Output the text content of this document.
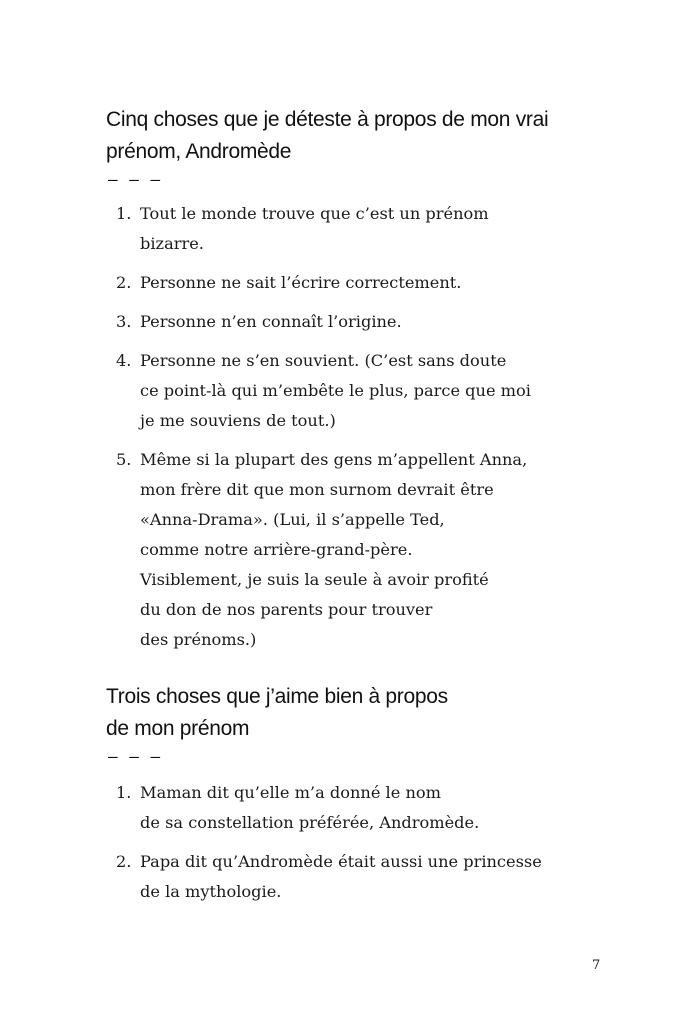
Cinq choses que je déteste à propos de mon vrai
prénom, Andromède
– – –
1. Tout le monde trouve que c’est un prénom
bizarre.
2. Personne ne sait l’écrire correctement.
3. Personne n’en connaît l’origine.
4. Personne ne s’en souvient. (C’est sans doute
ce point-là qui m’embête le plus, parce que moi
je me souviens de tout.)
5. Même si la plupart des gens m’appellent Anna,
mon frère dit que mon surnom devrait être
«Anna-Drama». (Lui, il s’appelle Ted,
comme notre arrière-grand-père.
Visiblement, je suis la seule à avoir profité
du don de nos parents pour trouver
des prénoms.)
Trois choses que j’aime bien à propos
de mon prénom
– – –
1. Maman dit qu’elle m’a donné le nom
de sa constellation préférée, Andromède.
2. Papa dit qu’Andromède était aussi une princesse
de la mythologie.
7
